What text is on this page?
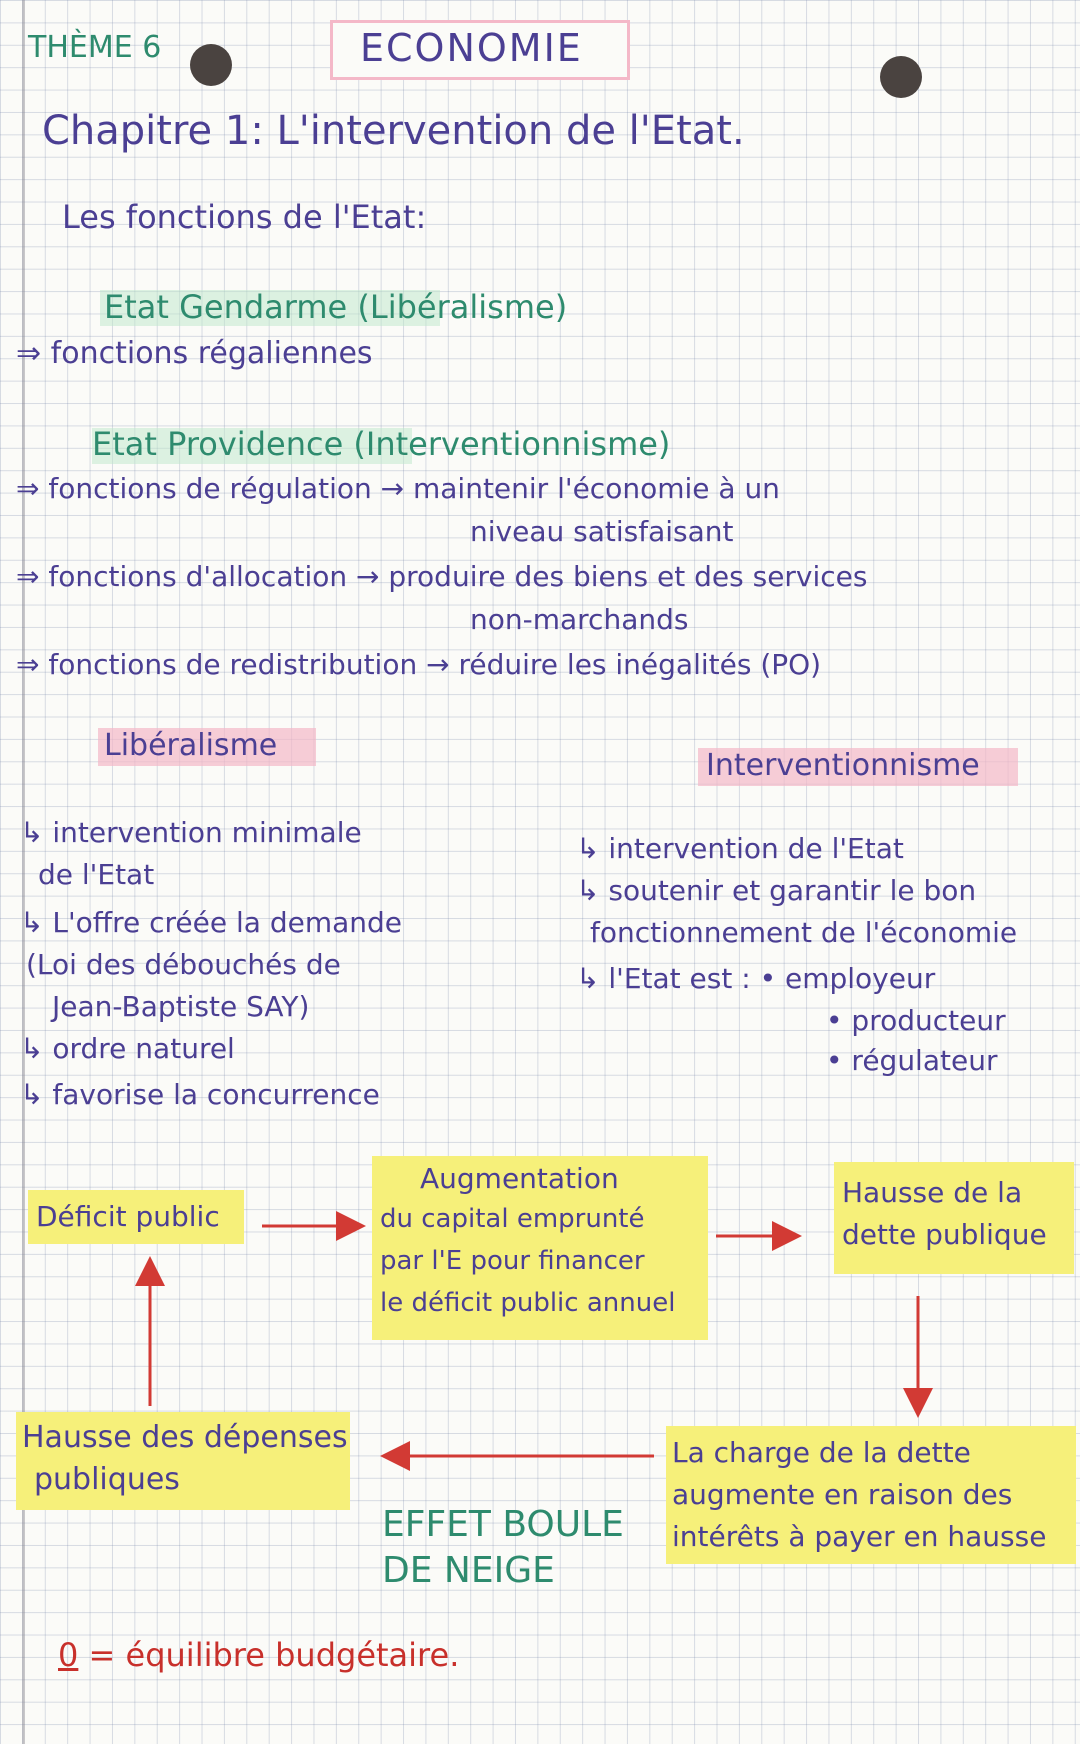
THÈME 6	ECONOMIE
Chapitre 1: L'intervention de l'Etat.
Les fonctions de l'Etat:
Etat Gendarme (Libéralisme)
⇒ fonctions régaliennes
Etat Providence (Interventionnisme)
⇒ fonctions de régulation → maintenir l'économie à un
niveau satisfaisant
⇒ fonctions d'allocation → produire des biens et des services
non-marchands
⇒ fonctions de redistribution → réduire les inégalités (PO)
Libéralisme
↳ intervention minimale
de l'Etat
↳ L'offre créée la demande
(Loi des débouchés de
Jean-Baptiste SAY)
↳ ordre naturel
↳ favorise la concurrence
Interventionnisme
↳ intervention de l'Etat
↳ soutenir et garantir le bon
fonctionnement de l'économie
↳ l'Etat est : • employeur
• producteur
• régulateur
Déficit public
Augmentation
du capital emprunté
par l'E pour financer
le déficit public annuel
Hausse de la
dette publique
La charge de la dette
augmente en raison des
intérêts à payer en hausse
Hausse des dépenses
publiques
EFFET BOULE
DE NEIGE
0 = équilibre budgétaire.
